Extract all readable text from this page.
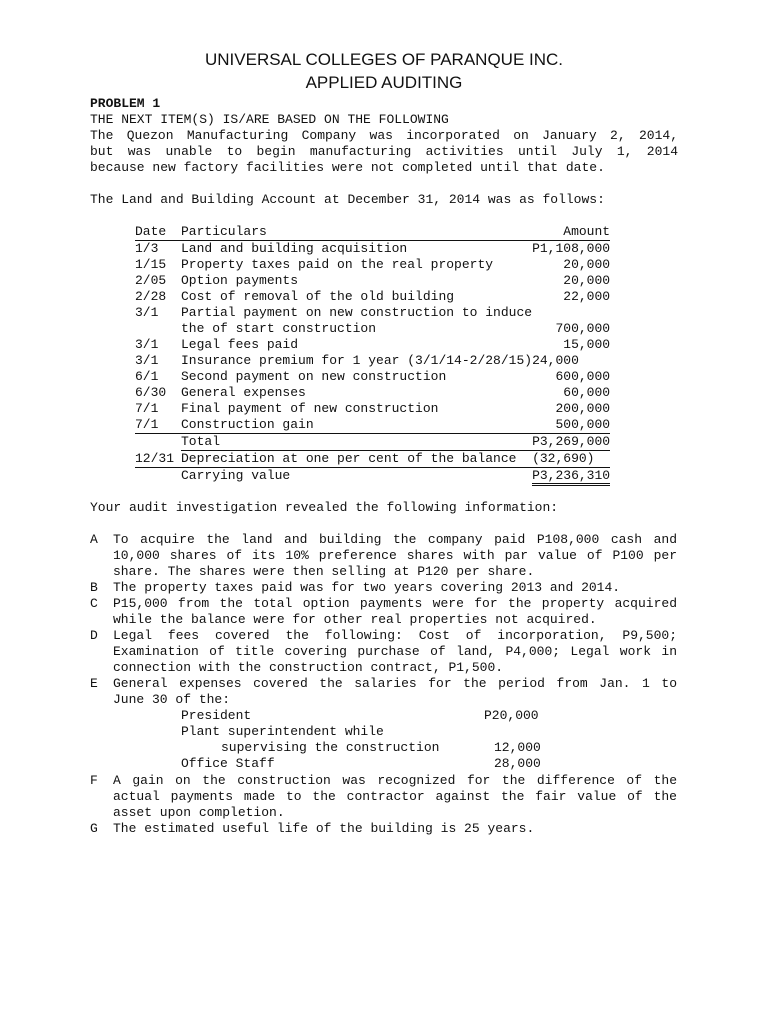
UNIVERSAL COLLEGES OF PARANQUE INC.
APPLIED AUDITING
PROBLEM 1
THE NEXT ITEM(S) IS/ARE BASED ON THE FOLLOWING
The Quezon Manufacturing Company was incorporated on January 2, 2014,
but was unable to begin manufacturing activities until July 1, 2014
because new factory facilities were not completed until that date.
The Land and Building Account at December 31, 2014 was as follows:
Date	Particulars	Amount
1/3	Land and building acquisition	P1,108,000
1/15	Property taxes paid on the real property	20,000
2/05	Option payments	20,000
2/28	Cost of removal of the old building	22,000
3/1	Partial payment on new construction to induce	
	the of start construction	700,000
3/1	Legal fees paid	15,000
3/1	Insurance premium for 1 year (3/1/14-2/28/15)	24,000
6/1	Second payment on new construction	600,000
6/30	General expenses	60,000
7/1	Final payment of new construction	200,000
7/1	Construction gain	500,000
	Total	P3,269,000
12/31	Depreciation at one per cent of the balance	(32,690)
	Carrying value	P3,236,310
Your audit investigation revealed the following information:
A To acquire the land and building the company paid P108,000 cash and
10,000 shares of its 10% preference shares with par value of P100 per
share. The shares were then selling at P120 per share.
B The property taxes paid was for two years covering 2013 and 2014.
C P15,000 from the total option payments were for the property acquired
while the balance were for other real properties not acquired.
D Legal fees covered the following: Cost of incorporation, P9,500;
Examination of title covering purchase of land, P4,000; Legal work in
connection with the construction contract, P1,500.
E General expenses covered the salaries for the period from Jan. 1 to
June 30 of the:
President	P20,000
Plant superintendent while
supervising the construction	12,000
Office Staff	28,000
F A gain on the construction was recognized for the difference of the
actual payments made to the contractor against the fair value of the
asset upon completion.
G The estimated useful life of the building is 25 years.
